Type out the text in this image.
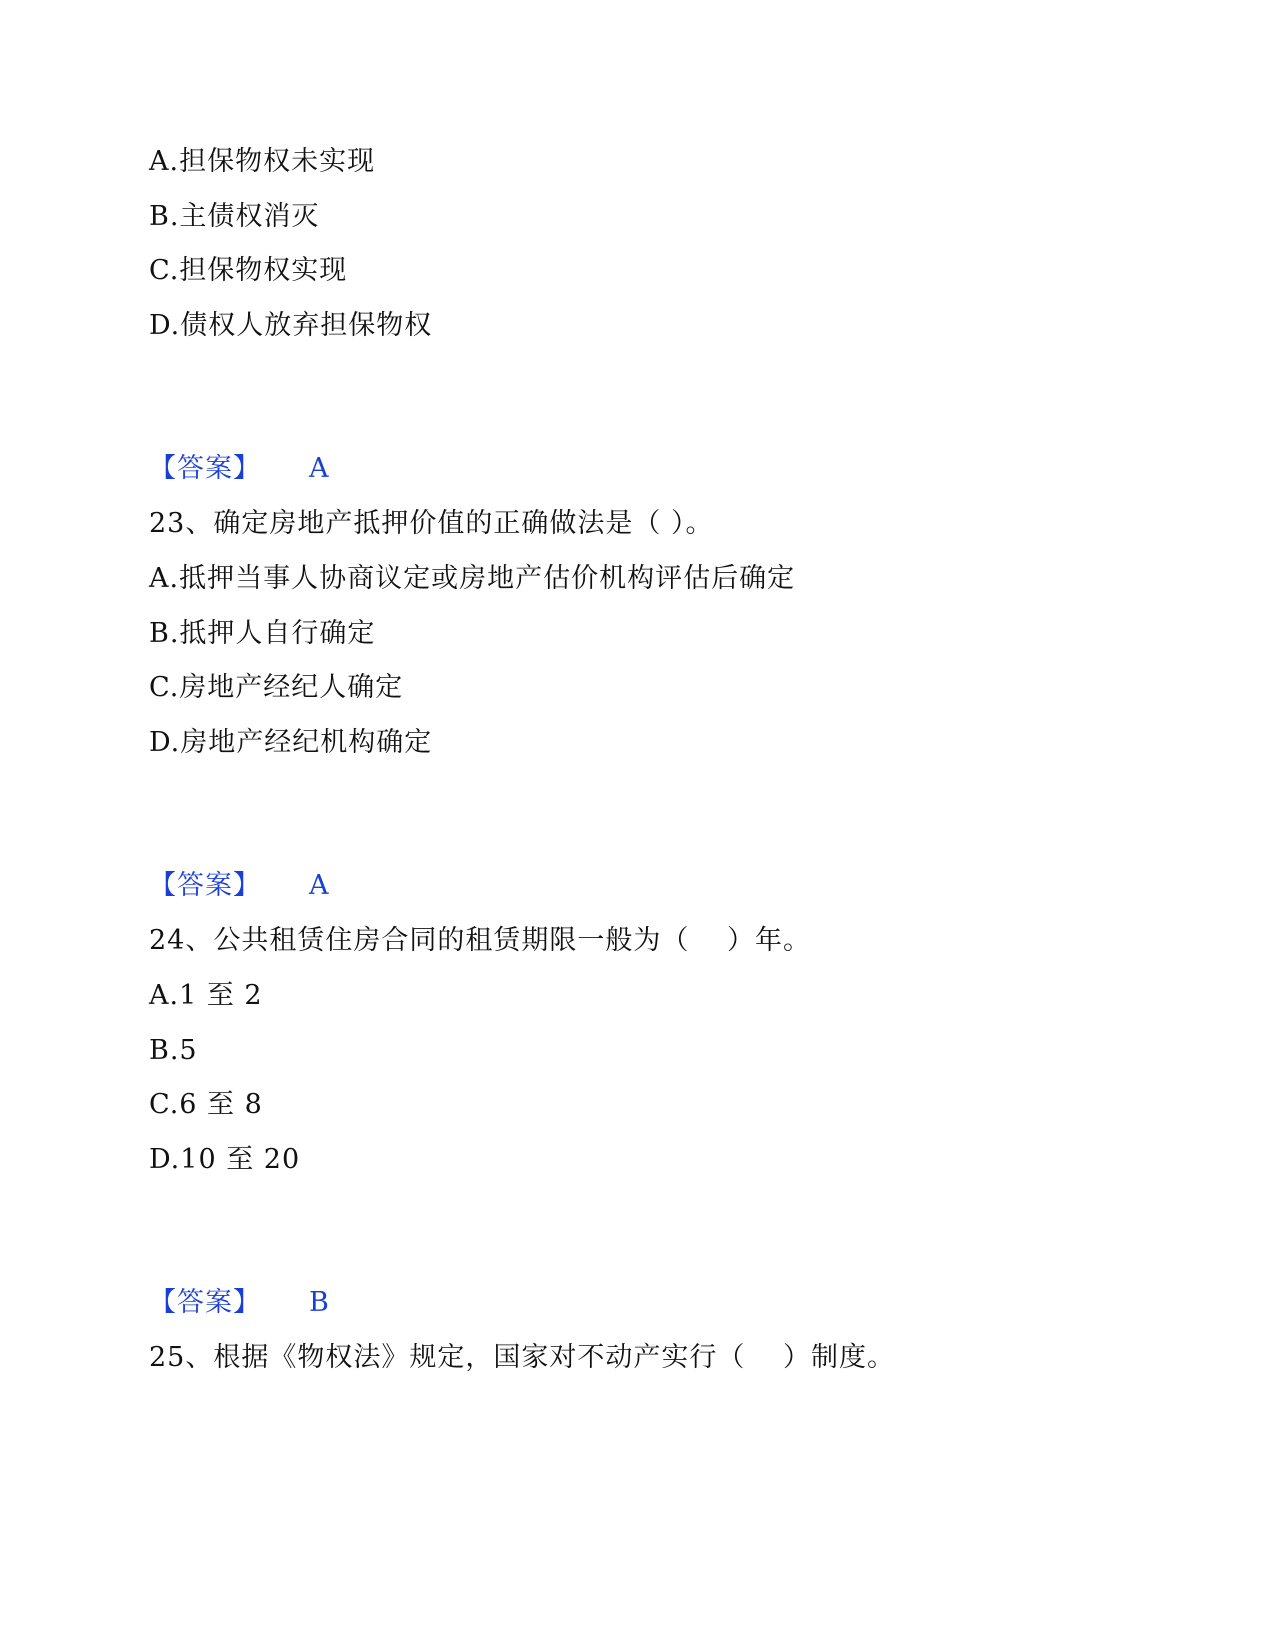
A.担保物权未实现
B.主债权消灭
C.担保物权实现
D.债权人放弃担保物权
【答案】 A
23、确定房地产抵押价值的正确做法是（ ）。
A.抵押当事人协商议定或房地产估价机构评估后确定
B.抵押人自行确定
C.房地产经纪人确定
D.房地产经纪机构确定
【答案】 A
24、公共租赁住房合同的租赁期限一般为（　 ）年。
A.1 至 2
B.5
C.6 至 8
D.10 至 20
【答案】 B
25、根据《物权法》规定，国家对不动产实行（　 ）制度。
